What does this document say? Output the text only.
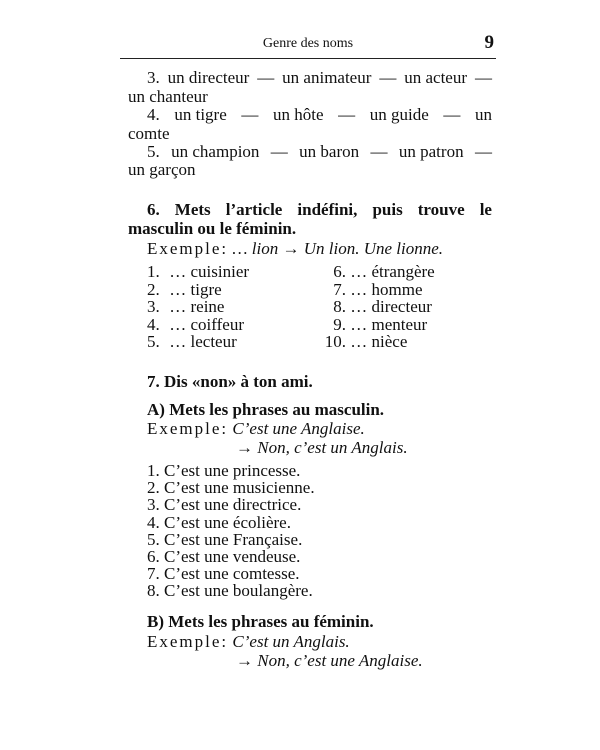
Genre des noms	9
3. un directeur — un animateur — un acteur —
un chanteur
4. un tigre — un hôte — un guide — un
comte
5. un champion — un baron — un patron —
un garçon
6. Mets l’article indéfini, puis trouve le
masculin ou le féminin.
Exemple: … lion → Un lion. Une lionne.
1. … cuisinier
2. … tigre
3. … reine
4. … coiffeur
5. … lecteur
6. … étrangère
7. … homme
8. … directeur
9. … menteur
10. … nièce
7. Dis «non» à ton ami.
A) Mets les phrases au masculin.
Exemple: C’est une Anglaise.
→ Non, c’est un Anglais.
1. C’est une princesse.
2. C’est une musicienne.
3. C’est une directrice.
4. C’est une écolière.
5. C’est une Française.
6. C’est une vendeuse.
7. C’est une comtesse.
8. C’est une boulangère.
B) Mets les phrases au féminin.
Exemple: C’est un Anglais.
→ Non, c’est une Anglaise.
